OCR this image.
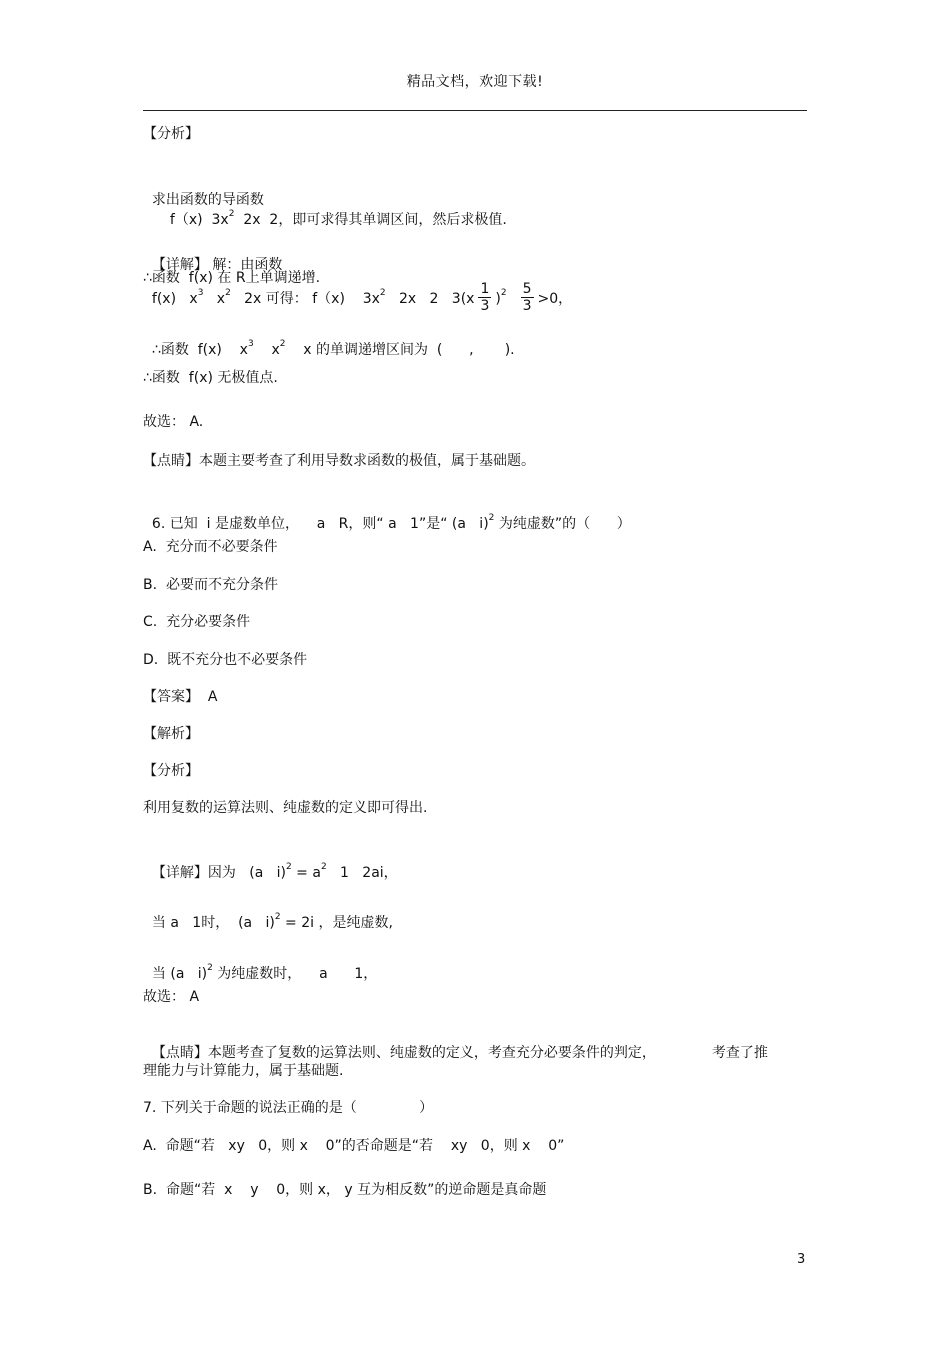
精品文档，欢迎下载!
【分析】

求出函数的导函数
f（x)  $3x^2$  2x  2，即可求得其单调区间，然后求极值.

【详解】 解：由函数
f(x)   $x^3$   $x^2$   2x 可得： f（x)    $3x^2$   2x   2   $3(x \frac{1}{3} )^2 \frac{5}{3} >0$，

∴函数  f(x) 在 R上单调递增.

∴函数  f(x)    $x^3$    $x^2$    x 的单调递增区间为  (      ,       ).

∴函数  f(x) 无极值点.
故选： A.
【点睛】本题主要考查了利用导数求函数的极值，属于基础题。

6. 已知  i 是虚数单位，    a   R，则“ a   1”是“ (a   i)$^2$ 为纯虚数”的（      ）

A.  充分而不必要条件
B.  必要而不充分条件
C.  充分必要条件
D.  既不充分也不必要条件
【答案】  A
【解析】
【分析】
利用复数的运算法则、纯虚数的定义即可得出.

【详解】因为   (a   $i)^2 = a^2$   1   2ai，

当 a   1时，  (a   i)$^2$ = 2i ，是纯虚数,

当 (a   i)$^2$ 为纯虚数时，    a      1，

故选： A

【点睛】本题考查了复数的运算法则、纯虚数的定义，考查充分必要条件的判定，	考查了推

理能力与计算能力，属于基础题.
7. 下列关于命题的说法正确的是（              ）
A.  命题“若   xy   0，则 x    0”的否命题是“若    xy   0，则 x    0”
B.  命题“若  x    y    0，则 x， y 互为相反数”的逆命题是真命题
3
